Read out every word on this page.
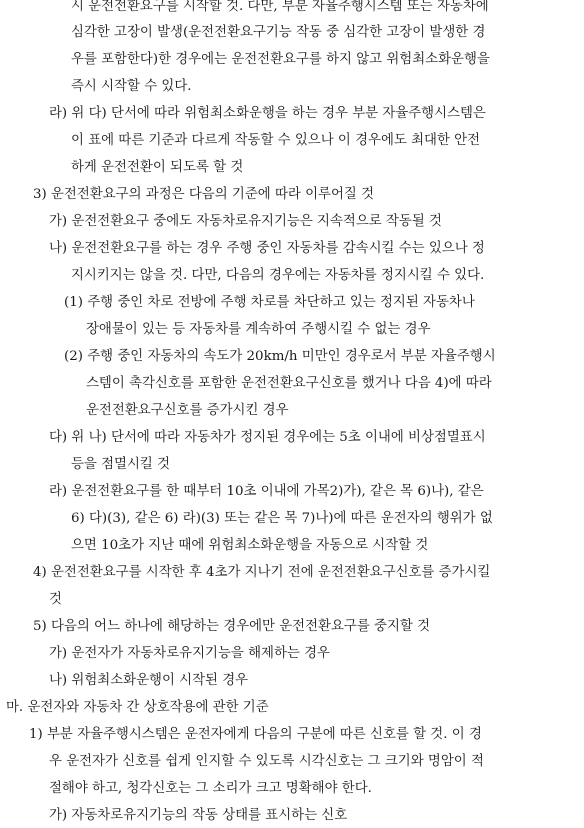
시 운전전환요구를 시작할 것. 다만, 부분 자율주행시스템 또는 자동차에
심각한 고장이 발생(운전전환요구기능 작동 중 심각한 고장이 발생한 경
우를 포함한다)한 경우에는 운전전환요구를 하지 않고 위험최소화운행을
즉시 시작할 수 있다.
라) 위 다) 단서에 따라 위험최소화운행을 하는 경우 부분 자율주행시스템은
이 표에 따른 기준과 다르게 작동할 수 있으나 이 경우에도 최대한 안전
하게 운전전환이 되도록 할 것
3) 운전전환요구의 과정은 다음의 기준에 따라 이루어질 것
가) 운전전환요구 중에도 자동차로유지기능은 지속적으로 작동될 것
나) 운전전환요구를 하는 경우 주행 중인 자동차를 감속시킬 수는 있으나 정
지시키지는 않을 것. 다만, 다음의 경우에는 자동차를 정지시킬 수 있다.
(1) 주행 중인 차로 전방에 주행 차로를 차단하고 있는 정지된 자동차나
장애물이 있는 등 자동차를 계속하여 주행시킬 수 없는 경우
(2) 주행 중인 자동차의 속도가 20km/h 미만인 경우로서 부분 자율주행시
스템이 촉각신호를 포함한 운전전환요구신호를 했거나 다음 4)에 따라
운전전환요구신호를 증가시킨 경우
다) 위 나) 단서에 따라 자동차가 정지된 경우에는 5초 이내에 비상점멸표시
등을 점멸시킬 것
라) 운전전환요구를 한 때부터 10초 이내에 가목2)가), 같은 목 6)나), 같은
6) 다)(3), 같은 6) 라)(3) 또는 같은 목 7)나)에 따른 운전자의 행위가 없
으면 10초가 지난 때에 위험최소화운행을 자동으로 시작할 것
4) 운전전환요구를 시작한 후 4초가 지나기 전에 운전전환요구신호를 증가시킬
것
5) 다음의 어느 하나에 해당하는 경우에만 운전전환요구를 중지할 것
가) 운전자가 자동차로유지기능을 해제하는 경우
나) 위험최소화운행이 시작된 경우
마. 운전자와 자동차 간 상호작용에 관한 기준
1) 부분 자율주행시스템은 운전자에게 다음의 구분에 따른 신호를 할 것. 이 경
우 운전자가 신호를 쉽게 인지할 수 있도록 시각신호는 그 크기와 명암이 적
절해야 하고, 청각신호는 그 소리가 크고 명확해야 한다.
가) 자동차로유지기능의 작동 상태를 표시하는 신호
